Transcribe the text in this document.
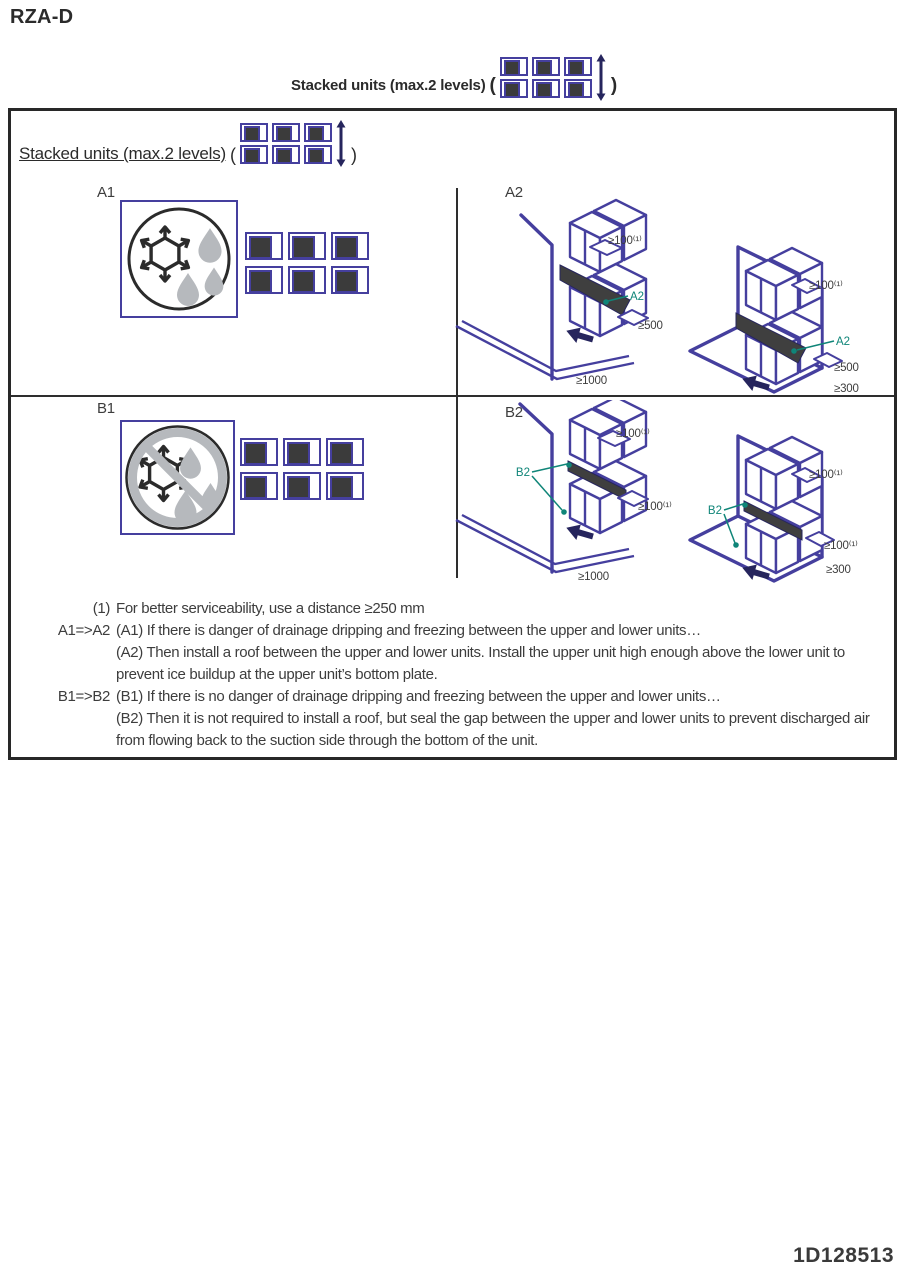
RZA-D
Stacked units (max.2 levels) (	)
Stacked units (max.2 levels) (	)
A1	A2
≥100⁽¹⁾
A2
≥500
≥1000
≥100⁽¹⁾
A2
≥500
≥300
B1	B2
≥100⁽¹⁾
B2
≥100⁽¹⁾
≥1000
≥100⁽¹⁾
B2
≥100⁽¹⁾
≥300
(1) For better serviceability, use a distance ≥250 mm

A1=>A2 (A1) If there is danger of drainage dripping and freezing between the upper and lower units…

(A2) Then install a roof between the upper and lower units. Install the upper unit high enough above the lower unit to prevent ice buildup at the upper unit’s bottom plate.

B1=>B2 (B1) If there is no danger of drainage dripping and freezing between the upper and lower units…

(B2) Then it is not required to install a roof, but seal the gap between the upper and lower units to prevent discharged air from flowing back to the suction side through the bottom of the unit.

1D128513
